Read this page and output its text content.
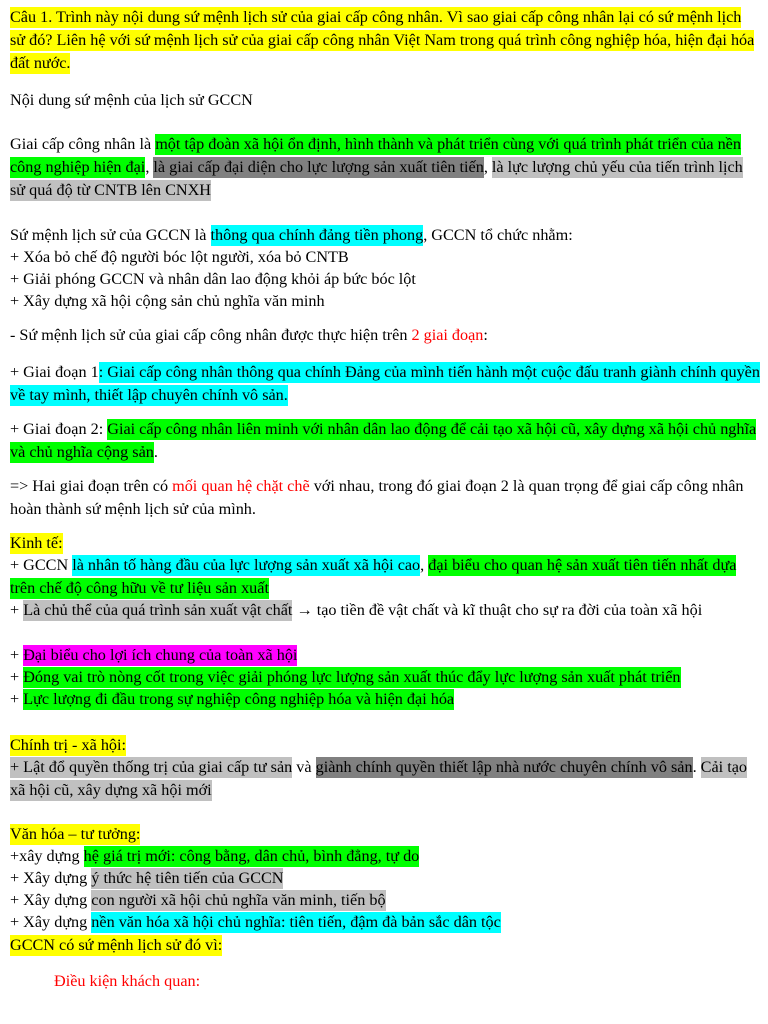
Câu 1. Trình này nội dung sứ mệnh lịch sử của giai cấp công nhân. Vì sao giai cấp công nhân lại có sứ mệnh lịch sử đó? Liên hệ với sứ mệnh lịch sử của giai cấp công nhân Việt Nam trong quá trình công nghiệp hóa, hiện đại hóa đất nước.

Nội dung sứ mệnh của lịch sử GCCN

Giai cấp công nhân là một tập đoàn xã hội ổn định, hình thành và phát triển cùng với quá trình phát triển của nền công nghiệp hiện đại, là giai cấp đại diện cho lực lượng sản xuất tiên tiến, là lực lượng chủ yếu của tiến trình lịch sử quá độ từ CNTB lên CNXH

Sứ mệnh lịch sử của GCCN là thông qua chính đảng tiền phong, GCCN tổ chức nhằm:

+ Xóa bỏ chế độ người bóc lột người, xóa bỏ CNTB

+ Giải phóng GCCN và nhân dân lao động khỏi áp bức bóc lột

+ Xây dựng xã hội cộng sản chủ nghĩa văn minh

- Sứ mệnh lịch sử của giai cấp công nhân được thực hiện trên 2 giai đoạn:

+ Giai đoạn 1: Giai cấp công nhân thông qua chính Đảng của mình tiến hành một cuộc đấu tranh giành chính quyền về tay mình, thiết lập chuyên chính vô sản.

+ Giai đoạn 2: Giai cấp công nhân liên minh với nhân dân lao động để cải tạo xã hội cũ, xây dựng xã hội chủ nghĩa và chủ nghĩa cộng sản.

=> Hai giai đoạn trên có mối quan hệ chặt chẽ với nhau, trong đó giai đoạn 2 là quan trọng để giai cấp công nhân hoàn thành sứ mệnh lịch sử của mình.

Kinh tế:

+ GCCN là nhân tố hàng đầu của lực lượng sản xuất xã hội cao, đại biểu cho quan hệ sản xuất tiên tiến nhất dựa trên chế độ công hữu về tư liệu sản xuất

+ Là chủ thể của quá trình sản xuất vật chất → tạo tiền đề vật chất và kĩ thuật cho sự ra đời của toàn xã hội

+ Đại biểu cho lợi ích chung của toàn xã hội

+ Đóng vai trò nòng cốt trong việc giải phóng lực lượng sản xuất thúc đẩy lực lượng sản xuất phát triển

+ Lực lượng đi đầu trong sự nghiệp công nghiệp hóa và hiện đại hóa

Chính trị - xã hội:

+ Lật đổ quyền thống trị của giai cấp tư sản và giành chính quyền thiết lập nhà nước chuyên chính vô sản. Cải tạo xã hội cũ, xây dựng xã hội mới

Văn hóa – tư tưởng:

+xây dựng hệ giá trị mới: công bằng, dân chủ, bình đẳng, tự do

+ Xây dựng ý thức hệ tiên tiến của GCCN

+ Xây dựng con người xã hội chủ nghĩa văn minh, tiến bộ

+ Xây dựng nền văn hóa xã hội chủ nghĩa: tiên tiến, đậm đà bản sắc dân tộc

GCCN có sứ mệnh lịch sử đó vì:

Điều kiện khách quan:
